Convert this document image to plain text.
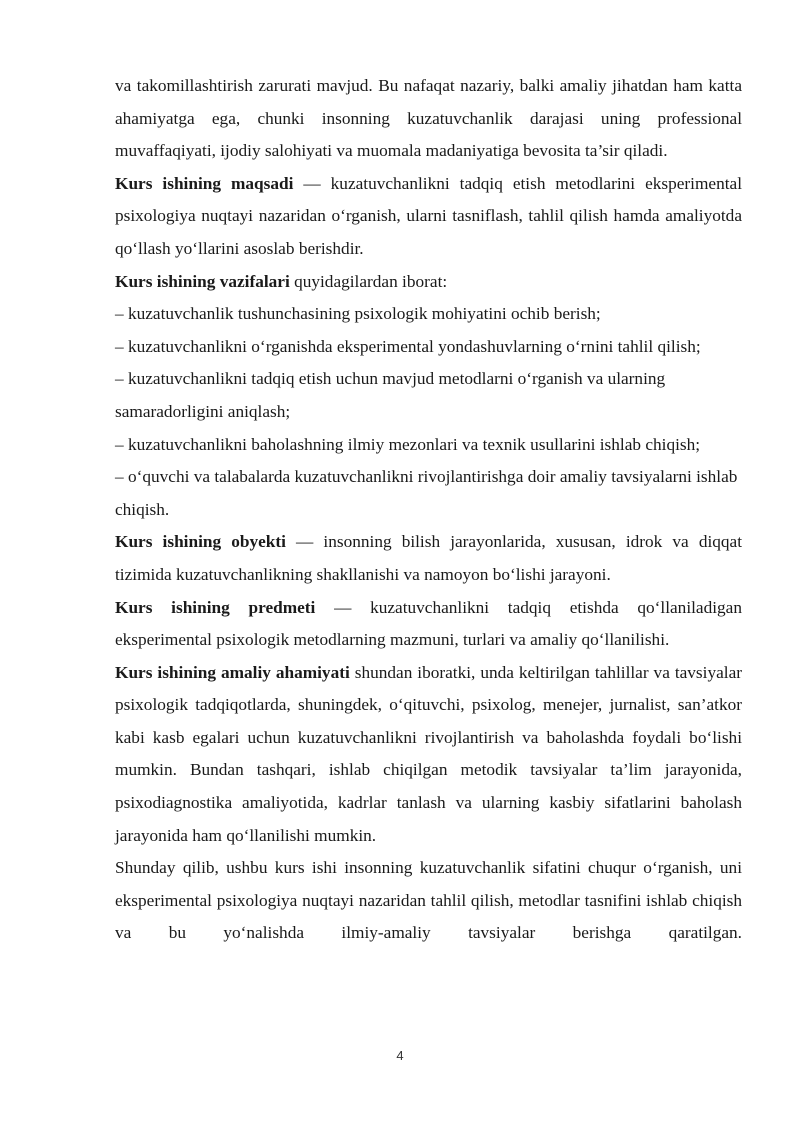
va takomillashtirish zarurati mavjud. Bu nafaqat nazariy, balki amaliy jihatdan ham katta ahamiyatga ega, chunki insonning kuzatuvchanlik darajasi uning professional muvaffaqiyati, ijodiy salohiyati va muomala madaniyatiga bevosita ta’sir qiladi.

Kurs ishining maqsadi — kuzatuvchanlikni tadqiq etish metodlarini eksperimental psixologiya nuqtayi nazaridan o‘rganish, ularni tasniflash, tahlil qilish hamda amaliyotda qo‘llash yo‘llarini asoslab berishdir.

Kurs ishining vazifalari quyidagilardan iborat:

– kuzatuvchanlik tushunchasining psixologik mohiyatini ochib berish;

– kuzatuvchanlikni o‘rganishda eksperimental yondashuvlarning o‘rnini tahlil qilish;

– kuzatuvchanlikni tadqiq etish uchun mavjud metodlarni o‘rganish va ularning samaradorligini aniqlash;

– kuzatuvchanlikni baholashning ilmiy mezonlari va texnik usullarini ishlab chiqish;

– o‘quvchi va talabalarda kuzatuvchanlikni rivojlantirishga doir amaliy tavsiyalarni ishlab chiqish.

Kurs ishining obyekti — insonning bilish jarayonlarida, xususan, idrok va diqqat tizimida kuzatuvchanlikning shakllanishi va namoyon bo‘lishi jarayoni.

Kurs ishining predmeti — kuzatuvchanlikni tadqiq etishda qo‘llaniladigan eksperimental psixologik metodlarning mazmuni, turlari va amaliy qo‘llanilishi.

Kurs ishining amaliy ahamiyati shundan iboratki, unda keltirilgan tahlillar va tavsiyalar psixologik tadqiqotlarda, shuningdek, o‘qituvchi, psixolog, menejer, jurnalist, san’atkor kabi kasb egalari uchun kuzatuvchanlikni rivojlantirish va baholashda foydali bo‘lishi mumkin. Bundan tashqari, ishlab chiqilgan metodik tavsiyalar ta’lim jarayonida, psixodiagnostika amaliyotida, kadrlar tanlash va ularning kasbiy sifatlarini baholash jarayonida ham qo‘llanilishi mumkin.

Shunday qilib, ushbu kurs ishi insonning kuzatuvchanlik sifatini chuqur o‘rganish, uni eksperimental psixologiya nuqtayi nazaridan tahlil qilish, metodlar tasnifini ishlab chiqish va bu yo‘nalishda ilmiy-amaliy tavsiyalar berishga qaratilgan.

4
